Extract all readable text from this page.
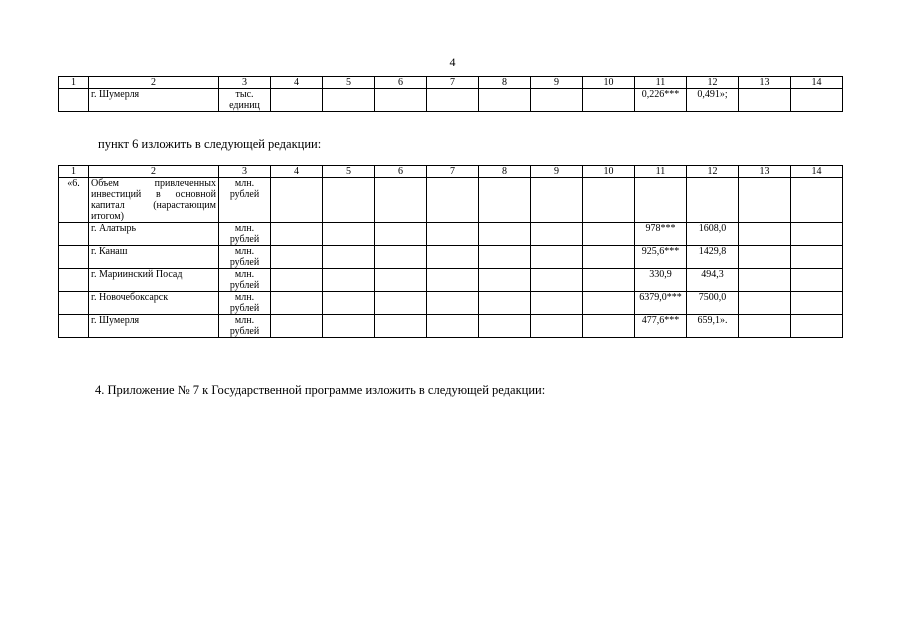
4
1	2	3	4	5	6	7	8	9	10	11	12	13	14
	г. Шумерля	тыс. единиц								0,226***	0,491»;		
пункт 6 изложить в следующей редакции:
1	2	3	4	5	6	7	8	9	10	11	12	13	14
«6.	Объем привлеченных инвестиций в основной капитал (нарастающим итогом)	млн. рублей											
	г. Алатырь	млн. рублей								978***	1608,0		
	г. Канаш	млн. рублей								925,6***	1429,8		
	г. Мариинский Посад	млн. рублей								330,9	494,3		
	г. Новочебоксарск	млн. рублей								6379,0***	7500,0		
	г. Шумерля	млн. рублей								477,6***	659,1».		
4. Приложение № 7 к Государственной программе изложить в следующей редакции:
